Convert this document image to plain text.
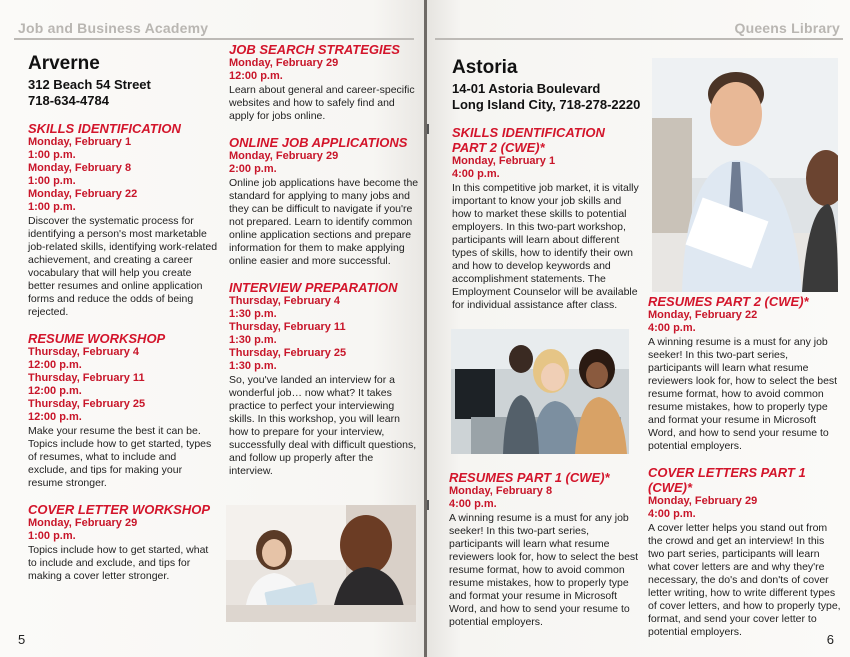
Job and Business Academy
Arverne
312 Beach 54 Street
718-634-4784
SKILLS IDENTIFICATION
Monday, February 1
1:00 p.m.
Monday, February 8
1:00 p.m.
Monday, February 22
1:00 p.m.
Discover the systematic process for identifying a person's most marketable job-related skills, identifying work-related achievement, and creating a career vocabulary that will help you create better resumes and online application forms and reduce the odds of being rejected.
RESUME WORKSHOP
Thursday, February 4
12:00 p.m.
Thursday, February 11
12:00 p.m.
Thursday, February 25
12:00 p.m.
Make your resume the best it can be. Topics include how to get started, types of resumes, what to include and exclude, and tips for making your resume stronger.
COVER LETTER WORKSHOP
Monday, February 29
1:00 p.m.
Topics include how to get started, what to include and exclude, and tips for making a cover letter stronger.
JOB SEARCH STRATEGIES
Monday, February 29
12:00 p.m.
Learn about general and career-specific websites and how to safely find and apply for jobs online.
ONLINE JOB APPLICATIONS
Monday, February 29
2:00 p.m.
Online job applications have become the standard for applying to many jobs and they can be difficult to navigate if you're not prepared. Learn to identify common online application sections and prepare information for them to make applying online easier and more successful.
INTERVIEW PREPARATION
Thursday, February 4
1:30 p.m.
Thursday, February 11
1:30 p.m.
Thursday, February 25
1:30 p.m.
So, you've landed an interview for a wonderful job… now what? It takes practice to perfect your interviewing skills. In this workshop, you will learn how to prepare for your interview, successfully deal with difficult questions, and follow up properly after the interview.
5
Queens Library
Astoria
14-01 Astoria Boulevard
Long Island City, 718-278-2220
SKILLS IDENTIFICATION PART 2 (CWE)*
Monday, February 1
4:00 p.m.
In this competitive job market, it is vitally important to know your job skills and how to market these skills to potential employers. In this two-part workshop, participants will learn about different types of skills, how to identify their own and how to develop keywords and accomplishment statements. The Employment Counselor will be available for individual assistance after class.
RESUMES PART 1 (CWE)*
Monday, February 8
4:00 p.m.
A winning resume is a must for any job seeker! In this two-part series, participants will learn what resume reviewers look for, how to select the best resume format, how to avoid common resume mistakes, how to properly type and format your resume in Microsoft Word, and how to send your resume to potential employers.
RESUMES PART 2 (CWE)*
Monday, February 22
4:00 p.m.
A winning resume is a must for any job seeker! In this two-part series, participants will learn what resume reviewers look for, how to select the best resume format, how to avoid common resume mistakes, how to properly type and format your resume in Microsoft Word, and how to send your resume to potential employers.
COVER LETTERS PART 1 (CWE)*
Monday, February 29
4:00 p.m.
A cover letter helps you stand out from the crowd and get an interview! In this two part series, participants will learn what cover letters are and why they're necessary, the do's and don'ts of cover letter writing, how to write different types of cover letters, and how to properly type, format, and send your cover letter to potential employers.	6
